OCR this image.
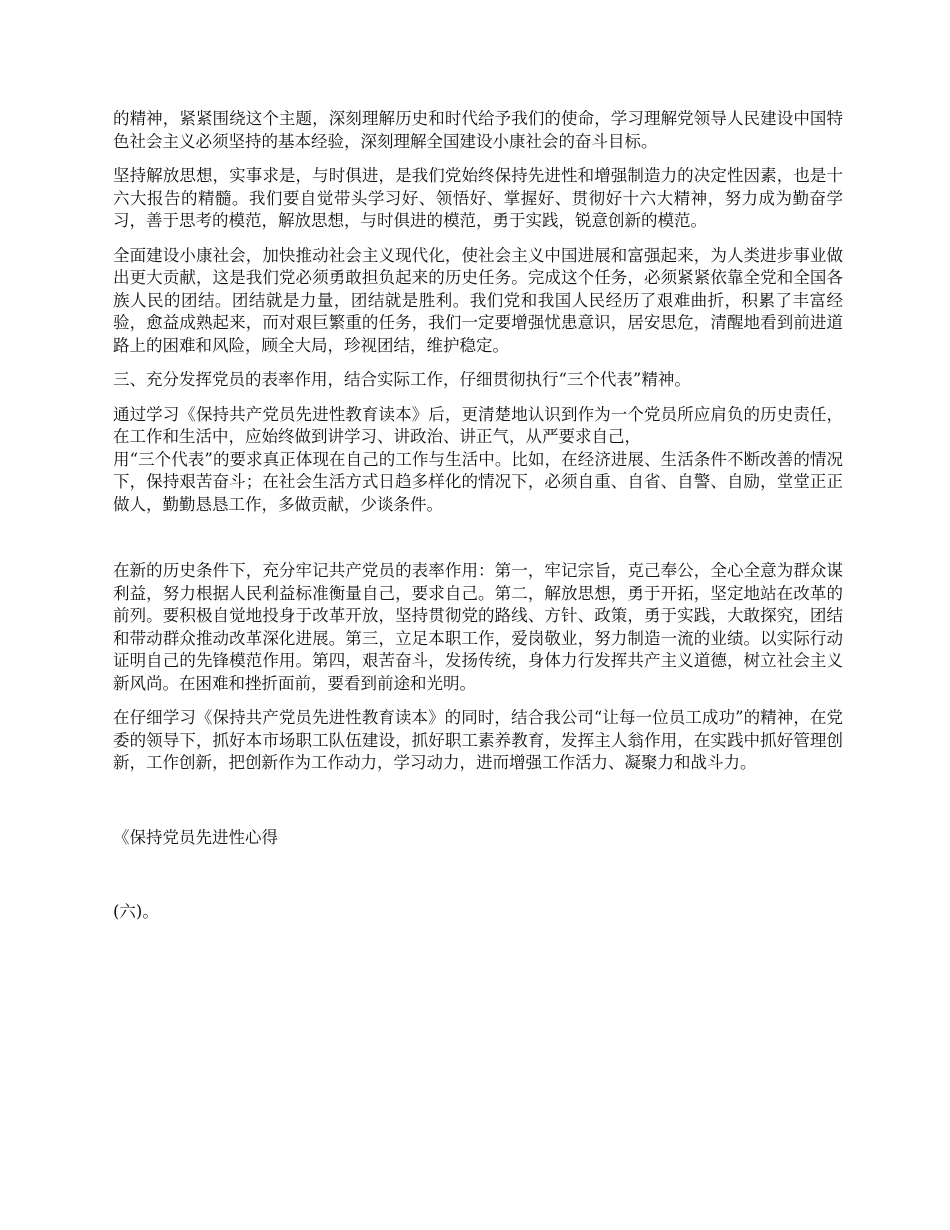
的精神，紧紧围绕这个主题，深刻理解历史和时代给予我们的使命，学习理解党领导人民建设中国特色社会主义必须坚持的基本经验，深刻理解全国建设小康社会的奋斗目标。

坚持解放思想，实事求是，与时俱进，是我们党始终保持先进性和增强制造力的决定性因素，也是十六大报告的精髓。我们要自觉带头学习好、领悟好、掌握好、贯彻好十六大精神，努力成为勤奋学习，善于思考的模范，解放思想，与时俱进的模范，勇于实践，锐意创新的模范。

全面建设小康社会，加快推动社会主义现代化，使社会主义中国进展和富强起来，为人类进步事业做出更大贡献，这是我们党必须勇敢担负起来的历史任务。完成这个任务，必须紧紧依靠全党和全国各族人民的团结。团结就是力量，团结就是胜利。我们党和我国人民经历了艰难曲折，积累了丰富经验，愈益成熟起来，而对艰巨繁重的任务，我们一定要增强忧患意识，居安思危，清醒地看到前进道路上的困难和风险，顾全大局，珍视团结，维护稳定。

三、充分发挥党员的表率作用，结合实际工作，仔细贯彻执行“三个代表”精神。

通过学习《保持共产党员先进性教育读本》后，更清楚地认识到作为一个党员所应肩负的历史责任，在工作和生活中，应始终做到讲学习、讲政治、讲正气，从严要求自己，
用“三个代表”的要求真正体现在自己的工作与生活中。比如，在经济进展、生活条件不断改善的情况下，保持艰苦奋斗；在社会生活方式日趋多样化的情况下，必须自重、自省、自警、自励，堂堂正正做人，勤勤恳恳工作，多做贡献，少谈条件。

在新的历史条件下，充分牢记共产党员的表率作用：第一，牢记宗旨，克己奉公，全心全意为群众谋利益，努力根据人民利益标准衡量自己，要求自己。第二，解放思想，勇于开拓，坚定地站在改革的前列。要积极自觉地投身于改革开放，坚持贯彻党的路线、方针、政策，勇于实践，大敢探究，团结和带动群众推动改革深化进展。第三，立足本职工作，爱岗敬业，努力制造一流的业绩。以实际行动证明自己的先锋模范作用。第四，艰苦奋斗，发扬传统，身体力行发挥共产主义道德，树立社会主义新风尚。在困难和挫折面前，要看到前途和光明。

在仔细学习《保持共产党员先进性教育读本》的同时，结合我公司“让每一位员工成功”的精神，在党委的领导下，抓好本市场职工队伍建设，抓好职工素养教育，发挥主人翁作用，在实践中抓好管理创新，工作创新，把创新作为工作动力，学习动力，进而增强工作活力、凝聚力和战斗力。

《保持党员先进性心得

(六)。
